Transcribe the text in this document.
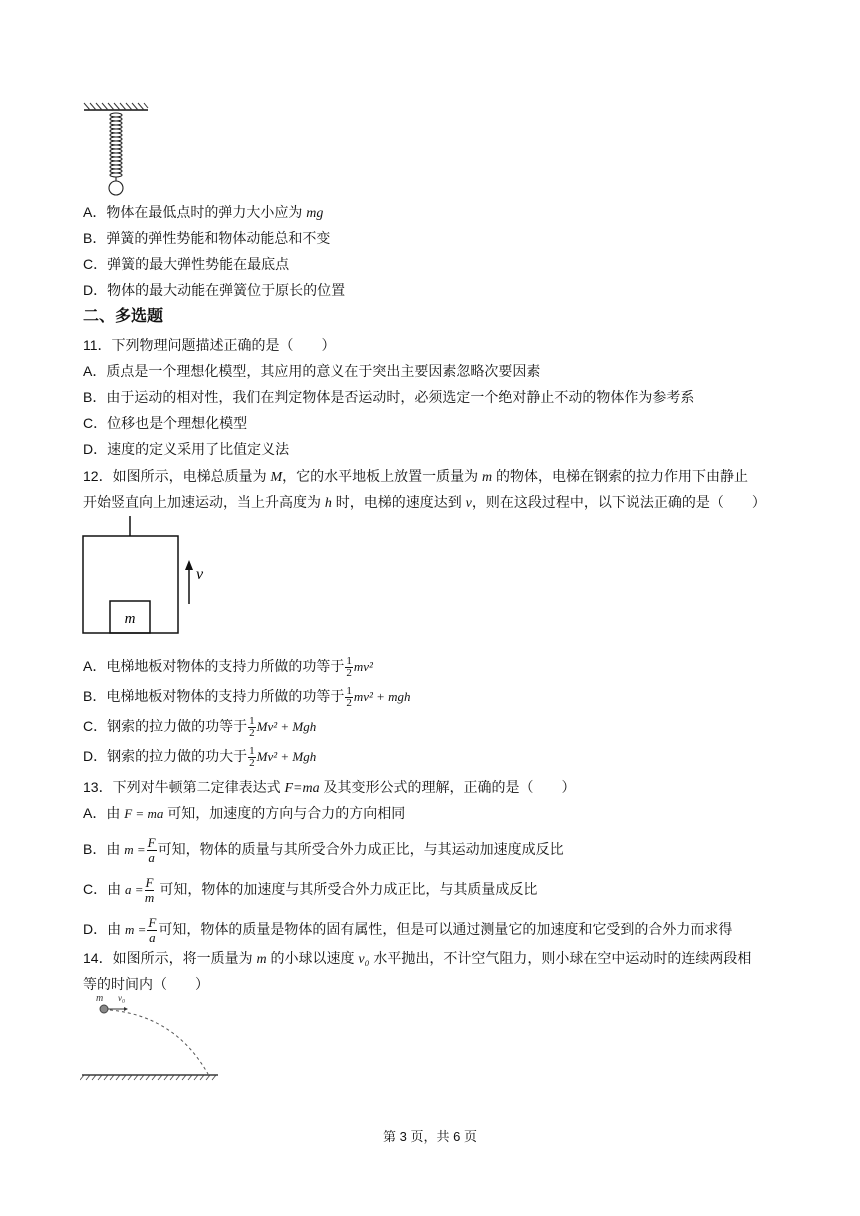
A．物体在最低点时的弹力大小应为 mg
B．弹簧的弹性势能和物体动能总和不变
C．弹簧的最大弹性势能在最底点
D．物体的最大动能在弹簧位于原长的位置
二、多选题
11．下列物理问题描述正确的是（　　）
A．质点是一个理想化模型，其应用的意义在于突出主要因素忽略次要因素
B．由于运动的相对性，我们在判定物体是否运动时，必须选定一个绝对静止不动的物体作为参考系
C．位移也是个理想化模型
D．速度的定义采用了比值定义法
12．如图所示，电梯总质量为 M，它的水平地板上放置一质量为 m 的物体，电梯在钢索的拉力作用下由静止
开始竖直向上加速运动，当上升高度为 h 时，电梯的速度达到 v，则在这段过程中，以下说法正确的是（　　）
m
v
A．电梯地板对物体的支持力所做的功等于 $\frac{1}{2} mv^2$
B．电梯地板对物体的支持力所做的功等于 $\frac{1}{2} mv^2$ + mgh
C．钢索的拉力做的功等于 $\frac{1}{2} Mv^2$ + Mgh
D．钢索的拉力做的功大于 $\frac{1}{2} Mv^2$ + Mgh
13．下列对牛顿第二定律表达式 F=ma 及其变形公式的理解，正确的是（　　）
A．由 F = ma 可知，加速度的方向与合力的方向相同
B．由 $m = \frac{F}{a}$ 可知，物体的质量与其所受合外力成正比，与其运动加速度成反比
C．由 $a = \frac{F}{m}$ 可知，物体的加速度与其所受合外力成正比，与其质量成反比
D．由 $m = \frac{F}{a}$ 可知，物体的质量是物体的固有属性，但是可以通过测量它的加速度和它受到的合外力而求得
14．如图所示，将一质量为 m 的小球以速度 v₀ 水平抛出，不计空气阻力，则小球在空中运动时的连续两段相
等的时间内（　　）
m v₀
第 3 页，共 6 页
